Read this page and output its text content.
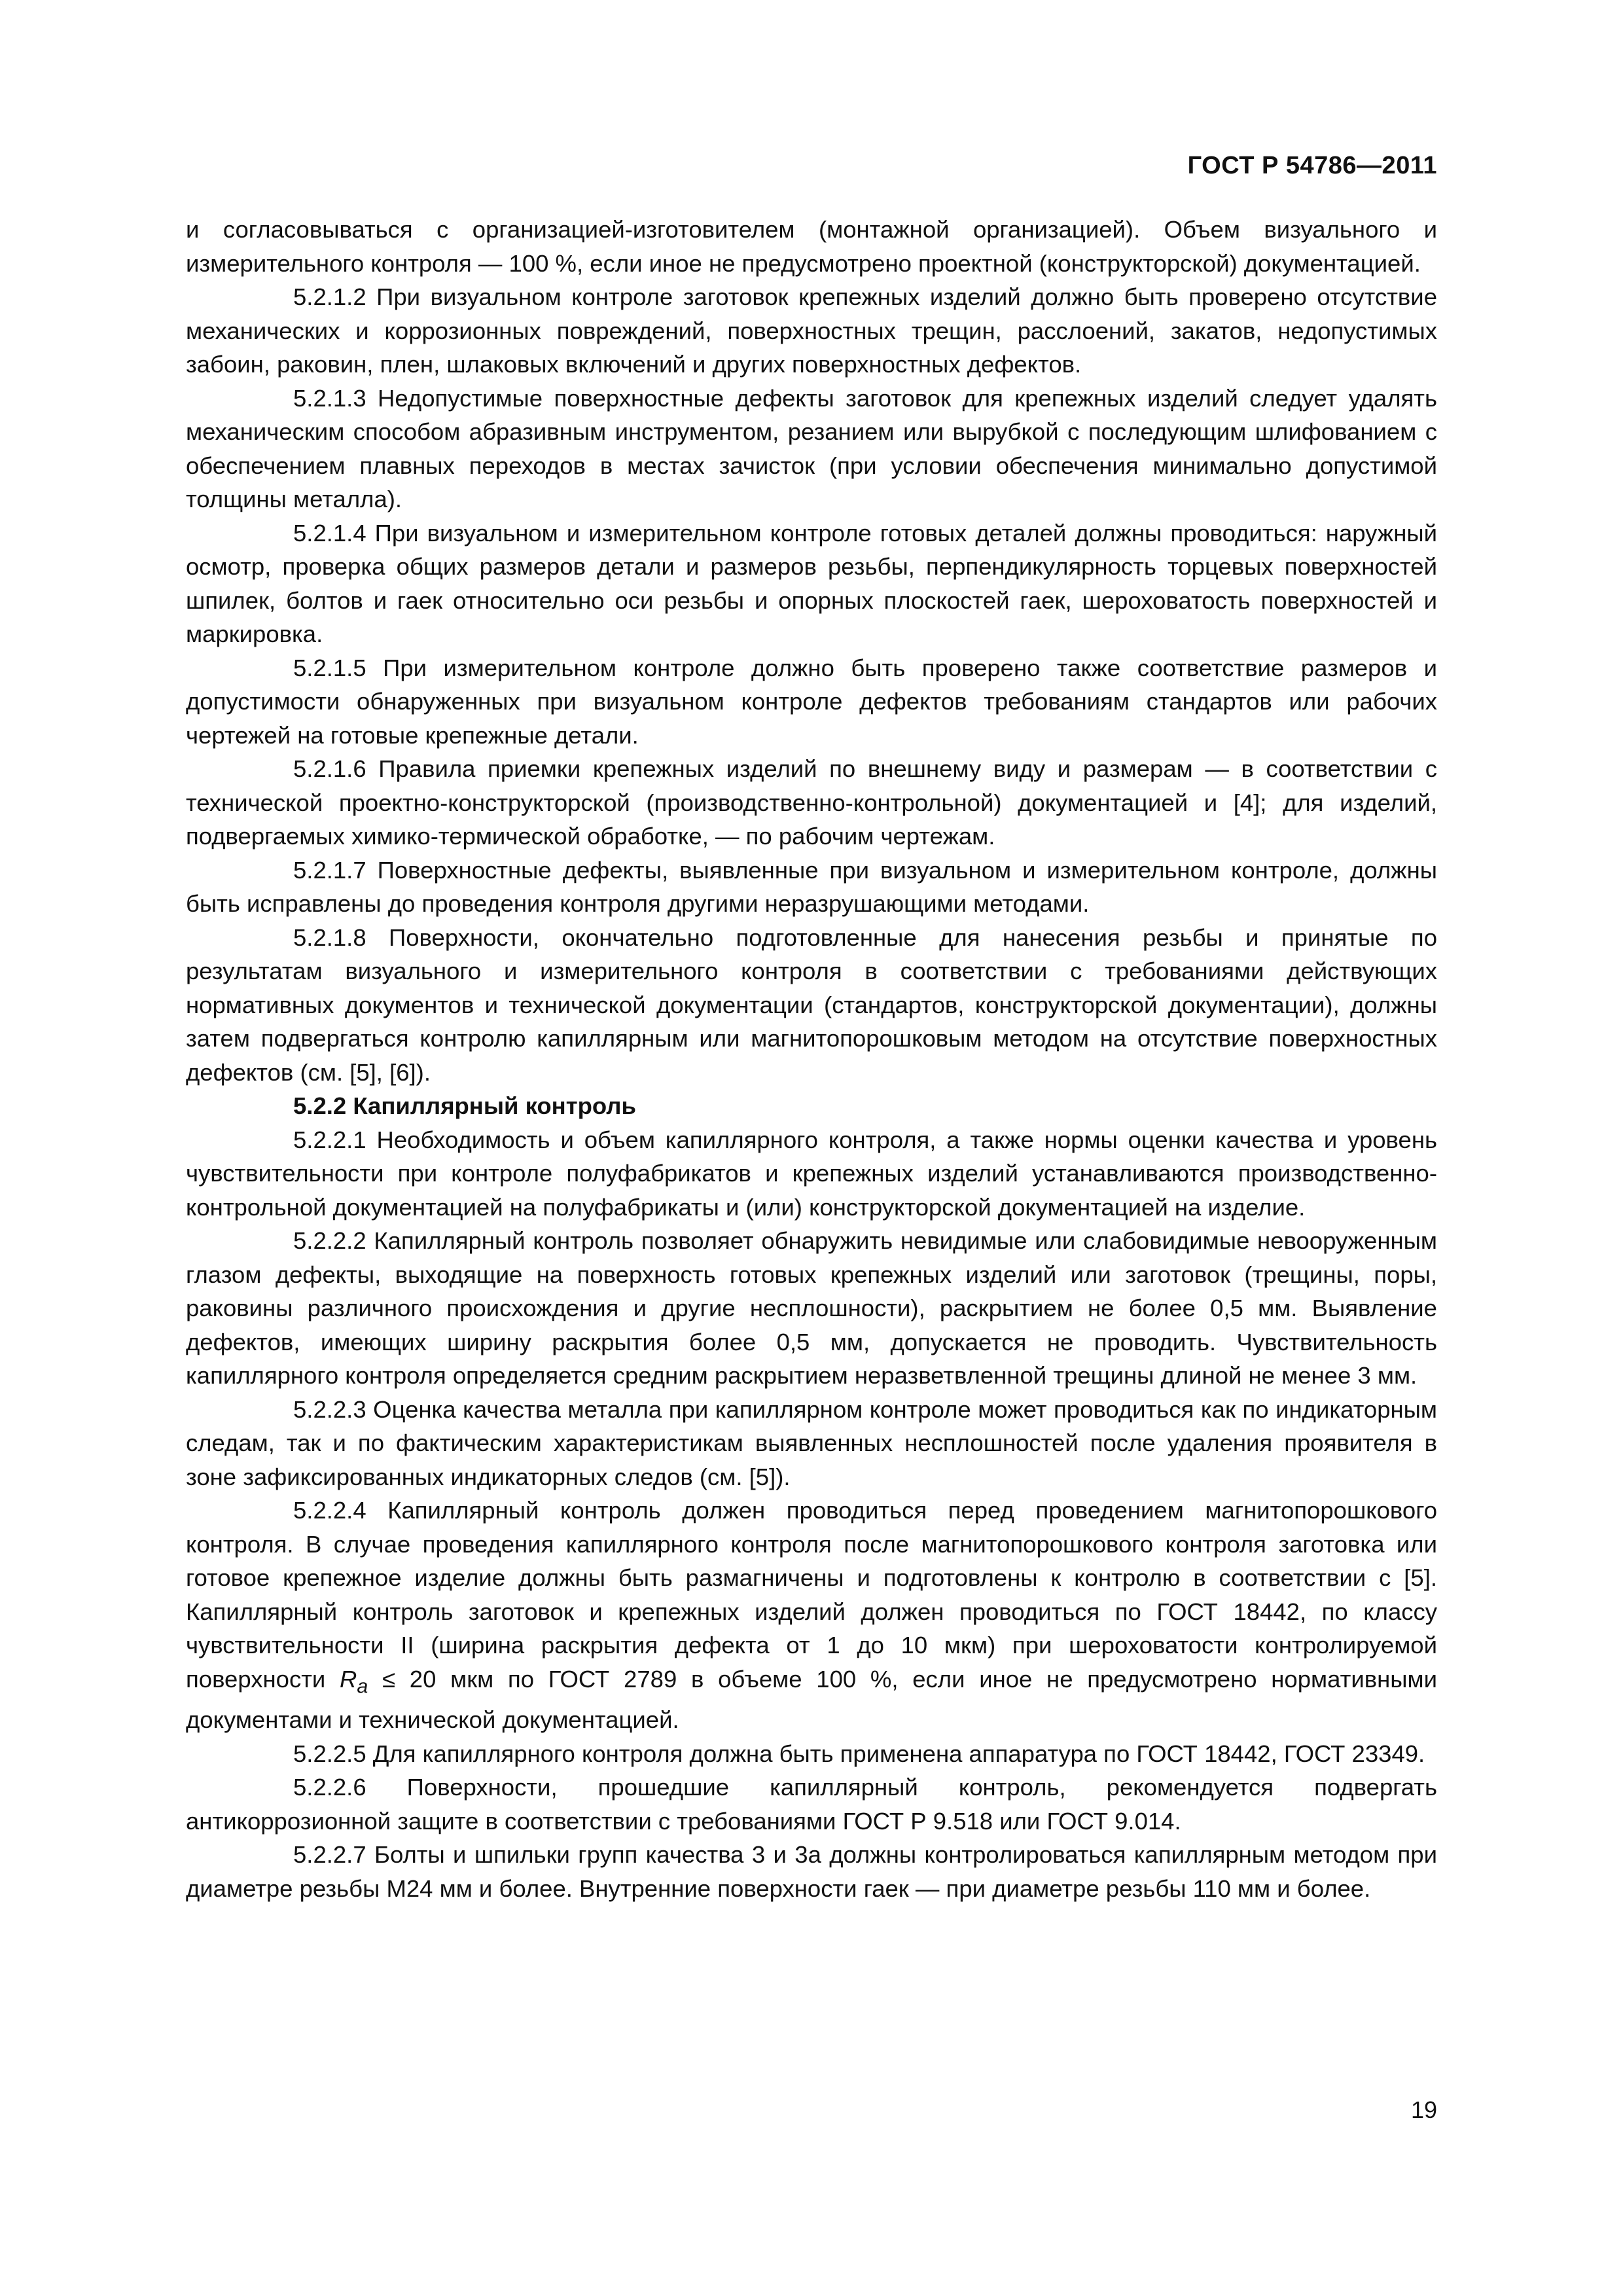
ГОСТ Р 54786—2011

и согласовываться с организацией-изготовителем (монтажной организацией). Объем визуального и измерительного контроля — 100 %, если иное не предусмотрено проектной (конструкторской) документацией.

5.2.1.2 При визуальном контроле заготовок крепежных изделий должно быть проверено отсутствие механических и коррозионных повреждений, поверхностных трещин, расслоений, закатов, недопустимых забоин, раковин, плен, шлаковых включений и других поверхностных дефектов.

5.2.1.3 Недопустимые поверхностные дефекты заготовок для крепежных изделий следует удалять механическим способом абразивным инструментом, резанием или вырубкой с последующим шлифованием с обеспечением плавных переходов в местах зачисток (при условии обеспечения минимально допустимой толщины металла).

5.2.1.4 При визуальном и измерительном контроле готовых деталей должны проводиться: наружный осмотр, проверка общих размеров детали и размеров резьбы, перпендикулярность торцевых поверхностей шпилек, болтов и гаек относительно оси резьбы и опорных плоскостей гаек, шероховатость поверхностей и маркировка.

5.2.1.5 При измерительном контроле должно быть проверено также соответствие размеров и допустимости обнаруженных при визуальном контроле дефектов требованиям стандартов или рабочих чертежей на готовые крепежные детали.

5.2.1.6 Правила приемки крепежных изделий по внешнему виду и размерам — в соответствии с технической проектно-конструкторской (производственно-контрольной) документацией и [4]; для изделий, подвергаемых химико-термической обработке, — по рабочим чертежам.

5.2.1.7 Поверхностные дефекты, выявленные при визуальном и измерительном контроле, должны быть исправлены до проведения контроля другими неразрушающими методами.

5.2.1.8 Поверхности, окончательно подготовленные для нанесения резьбы и принятые по результатам визуального и измерительного контроля в соответствии с требованиями действующих нормативных документов и технической документации (стандартов, конструкторской документации), должны затем подвергаться контролю капиллярным или магнитопорошковым методом на отсутствие поверхностных дефектов (см. [5], [6]).

5.2.2 Капиллярный контроль

5.2.2.1 Необходимость и объем капиллярного контроля, а также нормы оценки качества и уровень чувствительности при контроле полуфабрикатов и крепежных изделий устанавливаются производственно-контрольной документацией на полуфабрикаты и (или) конструкторской документацией на изделие.

5.2.2.2 Капиллярный контроль позволяет обнаружить невидимые или слабовидимые невооруженным глазом дефекты, выходящие на поверхность готовых крепежных изделий или заготовок (трещины, поры, раковины различного происхождения и другие несплошности), раскрытием не более 0,5 мм. Выявление дефектов, имеющих ширину раскрытия более 0,5 мм, допускается не проводить. Чувствительность капиллярного контроля определяется средним раскрытием неразветвленной трещины длиной не менее 3 мм.

5.2.2.3 Оценка качества металла при капиллярном контроле может проводиться как по индикаторным следам, так и по фактическим характеристикам выявленных несплошностей после удаления проявителя в зоне зафиксированных индикаторных следов (см. [5]).

5.2.2.4 Капиллярный контроль должен проводиться перед проведением магнитопорошкового контроля. В случае проведения капиллярного контроля после магнитопорошкового контроля заготовка или готовое крепежное изделие должны быть размагничены и подготовлены к контролю в соответствии с [5]. Капиллярный контроль заготовок и крепежных изделий должен проводиться по ГОСТ 18442, по классу чувствительности II (ширина раскрытия дефекта от 1 до 10 мкм) при шероховатости контролируемой поверхности $R_a \le 20$ мкм по ГОСТ 2789 в объеме 100 %, если иное не предусмотрено нормативными документами и технической документацией.

5.2.2.5 Для капиллярного контроля должна быть применена аппаратура по ГОСТ 18442, ГОСТ 23349.

5.2.2.6 Поверхности, прошедшие капиллярный контроль, рекомендуется подвергать антикоррозионной защите в соответствии с требованиями ГОСТ Р 9.518 или ГОСТ 9.014.

5.2.2.7 Болты и шпильки групп качества 3 и 3а должны контролироваться капиллярным методом при диаметре резьбы М24 мм и более. Внутренние поверхности гаек — при диаметре резьбы 110 мм и более.

19
